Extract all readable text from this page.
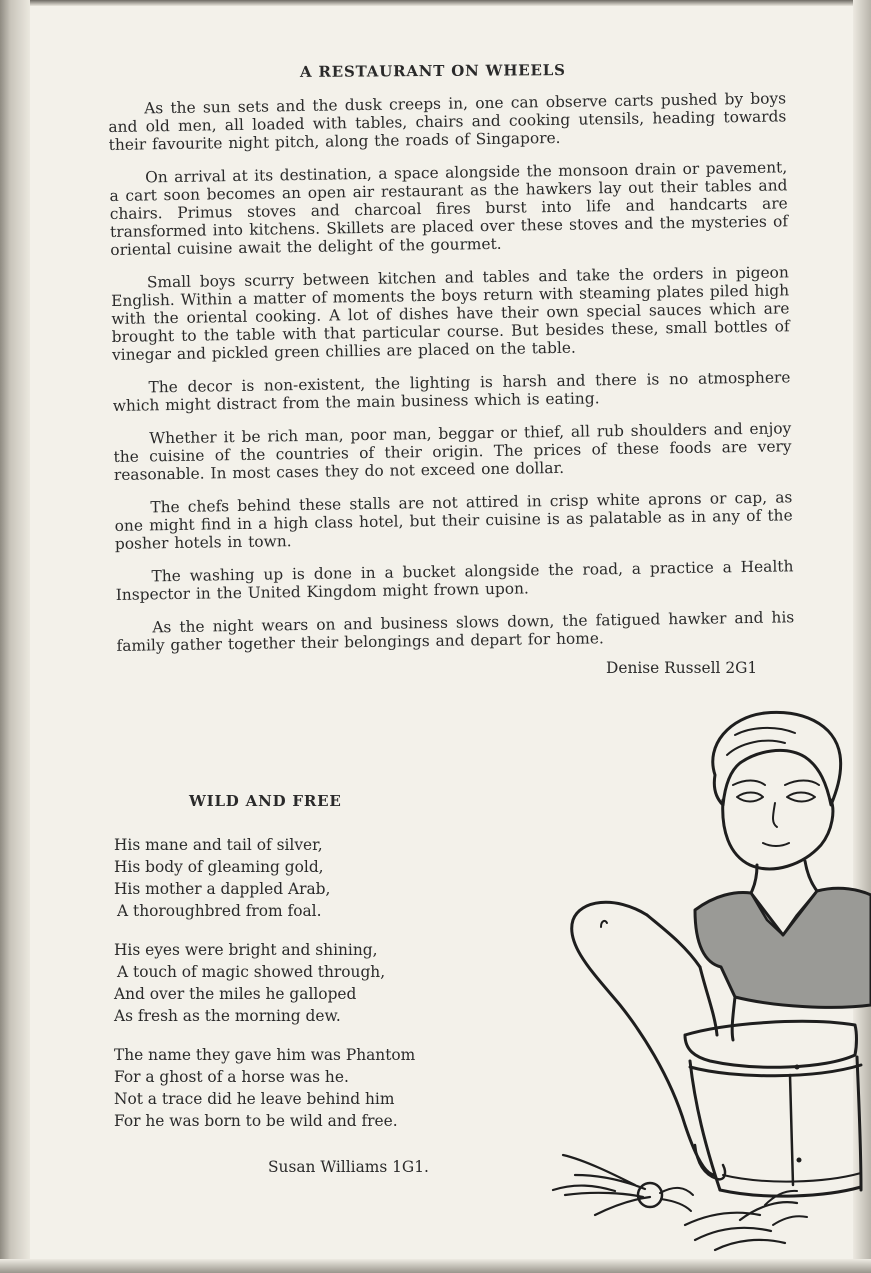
A RESTAURANT ON WHEELS

As the sun sets and the dusk creeps in, one can observe carts pushed by boys and old men, all loaded with tables, chairs and cooking utensils, heading towards their favourite night pitch, along the roads of Singapore.

On arrival at its destination, a space alongside the monsoon drain or pavement, a cart soon becomes an open air restaurant as the hawkers lay out their tables and chairs. Primus stoves and charcoal fires burst into life and handcarts are transformed into kitchens. Skillets are placed over these stoves and the mysteries of oriental cuisine await the delight of the gourmet.

Small boys scurry between kitchen and tables and take the orders in pigeon English. Within a matter of moments the boys return with steaming plates piled high with the oriental cooking. A lot of dishes have their own special sauces which are brought to the table with that particular course. But besides these, small bottles of vinegar and pickled green chillies are placed on the table.

The decor is non-existent, the lighting is harsh and there is no atmosphere which might distract from the main business which is eating.

Whether it be rich man, poor man, beggar or thief, all rub shoulders and enjoy the cuisine of the countries of their origin. The prices of these foods are very reasonable. In most cases they do not exceed one dollar.

The chefs behind these stalls are not attired in crisp white aprons or cap, as one might find in a high class hotel, but their cuisine is as palatable as in any of the posher hotels in town.

The washing up is done in a bucket alongside the road, a practice a Health Inspector in the United Kingdom might frown upon.

As the night wears on and business slows down, the fatigued hawker and his family gather together their belongings and depart for home.

Denise Russell 2G1
WILD AND FREE
His mane and tail of silver,
His body of gleaming gold,
His mother a dappled Arab,
A thoroughbred from foal.
His eyes were bright and shining,
A touch of magic showed through,
And over the miles he galloped
As fresh as the morning dew.
The name they gave him was Phantom
For a ghost of a horse was he.
Not a trace did he leave behind him
For he was born to be wild and free.
Susan Williams 1G1.
